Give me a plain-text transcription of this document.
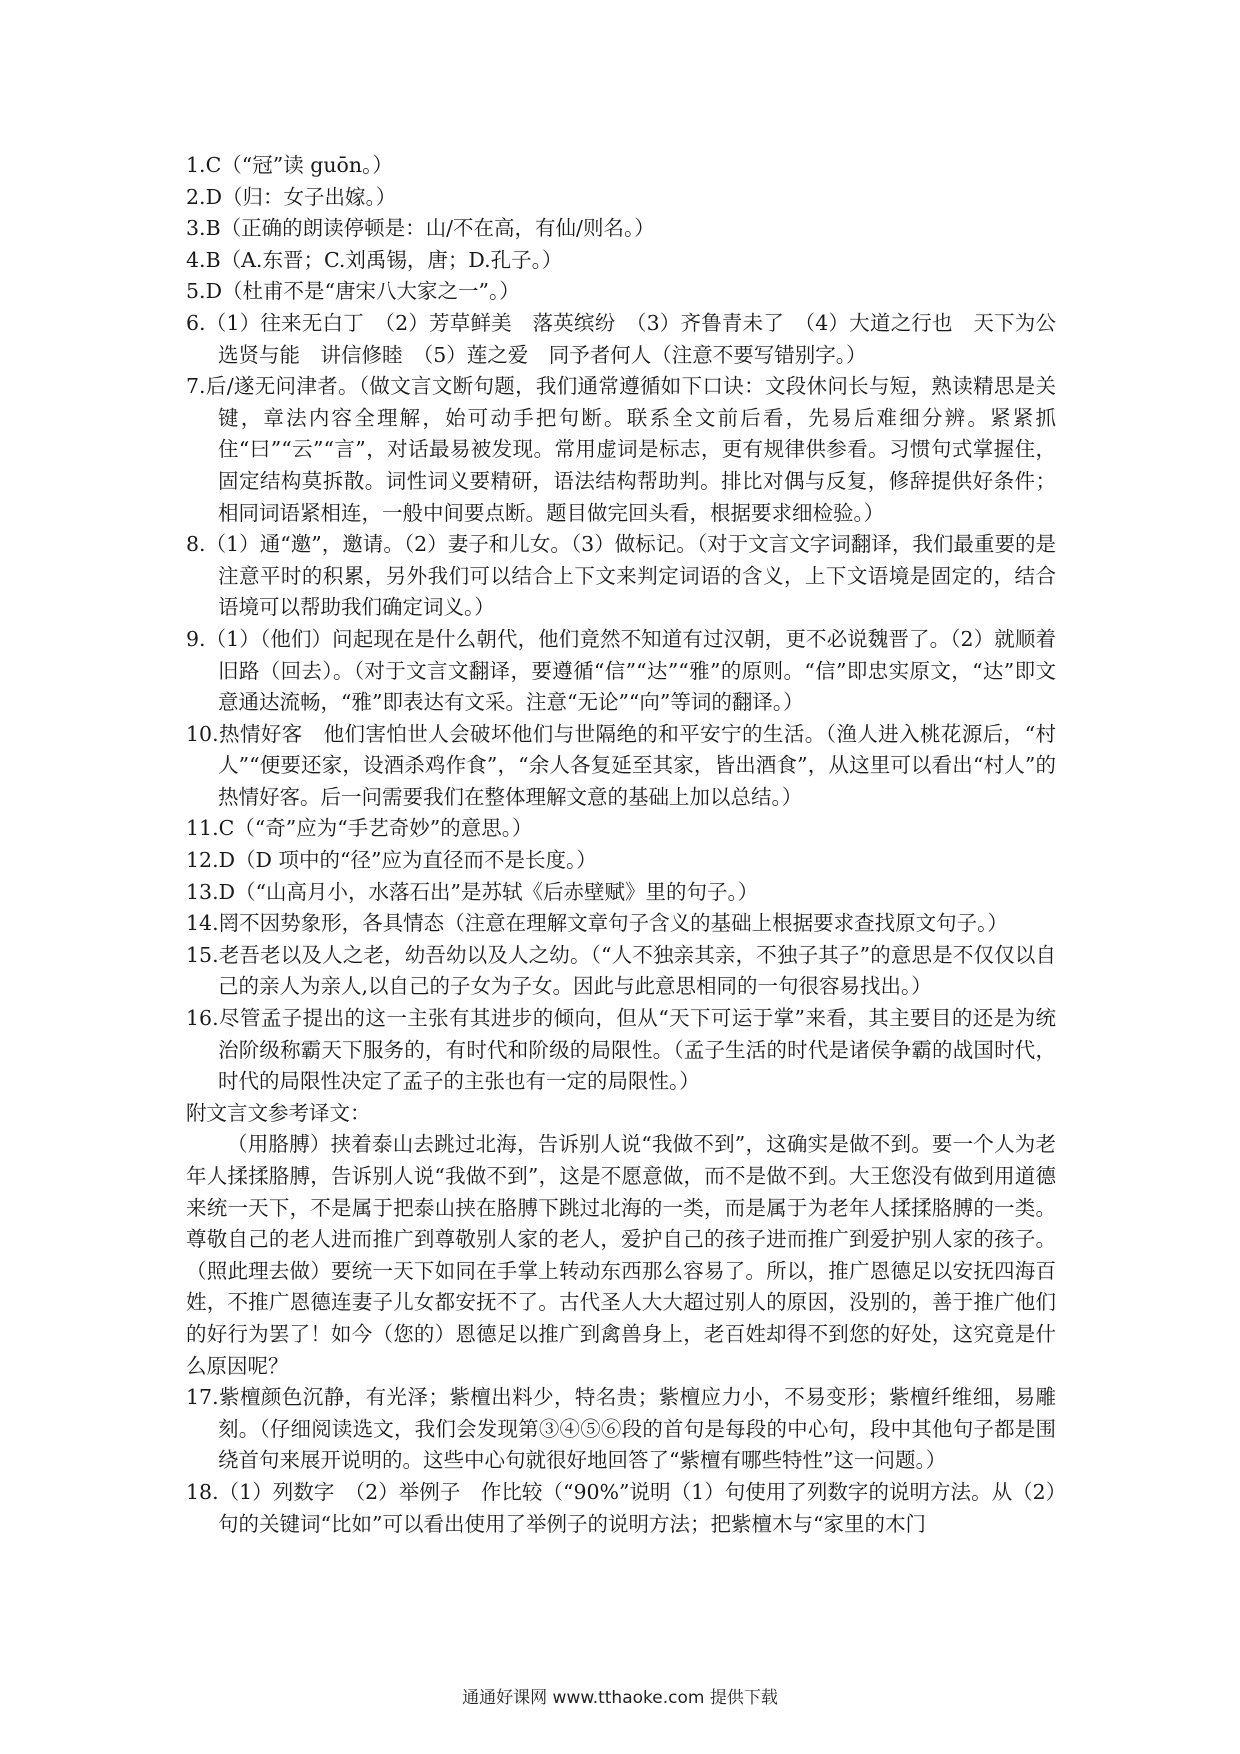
1.C（“冠”读 guōn。）

2.D（归：女子出嫁。）

3.B（正确的朗读停顿是：山/不在高，有仙/则名。）

4.B（A.东晋；C.刘禹锡，唐；D.孔子。）

5.D（杜甫不是“唐宋八大家之一”。）

6.（1）往来无白丁　（2）芳草鲜美　落英缤纷　（3）齐鲁青未了　（4）大道之行也　天下为公　选贤与能　讲信修睦　（5）莲之爱　同予者何人（注意不要写错别字。）

7.后/遂无问津者。（做文言文断句题，我们通常遵循如下口诀：文段休问长与短，熟读精思是关键，章法内容全理解，始可动手把句断。联系全文前后看，先易后难细分辨。紧紧抓住“曰”“云”“言”，对话最易被发现。常用虚词是标志，更有规律供参看。习惯句式掌握住，固定结构莫拆散。词性词义要精研，语法结构帮助判。排比对偶与反复，修辞提供好条件；相同词语紧相连，一般中间要点断。题目做完回头看，根据要求细检验。）

8.（1）通“邀”，邀请。（2）妻子和儿女。（3）做标记。（对于文言文字词翻译，我们最重要的是注意平时的积累，另外我们可以结合上下文来判定词语的含义，上下文语境是固定的，结合语境可以帮助我们确定词义。）

9.（1）（他们）问起现在是什么朝代，他们竟然不知道有过汉朝，更不必说魏晋了。（2）就顺着旧路（回去）。（对于文言文翻译，要遵循“信”“达”“雅”的原则。“信”即忠实原文，“达”即文意通达流畅，“雅”即表达有文采。注意“无论”“向”等词的翻译。）

10.热情好客　他们害怕世人会破坏他们与世隔绝的和平安宁的生活。（渔人进入桃花源后，“村人”“便要还家，设酒杀鸡作食”，“余人各复延至其家，皆出酒食”，从这里可以看出“村人”的热情好客。后一问需要我们在整体理解文意的基础上加以总结。）

11.C（“奇”应为“手艺奇妙”的意思。）

12.D（D 项中的“径”应为直径而不是长度。）

13.D（“山高月小，水落石出”是苏轼《后赤壁赋》里的句子。）

14.罔不因势象形，各具情态（注意在理解文章句子含义的基础上根据要求查找原文句子。）

15.老吾老以及人之老，幼吾幼以及人之幼。（“人不独亲其亲，不独子其子”的意思是不仅仅以自己的亲人为亲人,以自己的子女为子女。因此与此意思相同的一句很容易找出。）

16.尽管孟子提出的这一主张有其进步的倾向，但从“天下可运于掌”来看，其主要目的还是为统治阶级称霸天下服务的，有时代和阶级的局限性。（孟子生活的时代是诸侯争霸的战国时代，时代的局限性决定了孟子的主张也有一定的局限性。）

附文言文参考译文：

（用胳膊）挟着泰山去跳过北海，告诉别人说“我做不到”，这确实是做不到。要一个人为老年人揉揉胳膊，告诉别人说“我做不到”，这是不愿意做，而不是做不到。大王您没有做到用道德来统一天下，不是属于把泰山挟在胳膊下跳过北海的一类，而是属于为老年人揉揉胳膊的一类。尊敬自己的老人进而推广到尊敬别人家的老人，爱护自己的孩子进而推广到爱护别人家的孩子。（照此理去做）要统一天下如同在手掌上转动东西那么容易了。所以，推广恩德足以安抚四海百姓，不推广恩德连妻子儿女都安抚不了。古代圣人大大超过别人的原因，没别的，善于推广他们的好行为罢了！如今（您的）恩德足以推广到禽兽身上，老百姓却得不到您的好处，这究竟是什么原因呢？

17.紫檀颜色沉静，有光泽；紫檀出料少，特名贵；紫檀应力小，不易变形；紫檀纤维细，易雕刻。（仔细阅读选文，我们会发现第③④⑤⑥段的首句是每段的中心句，段中其他句子都是围绕首句来展开说明的。这些中心句就很好地回答了“紫檀有哪些特性”这一问题。）

18.（1）列数字　（2）举例子　作比较（“90%”说明（1）句使用了列数字的说明方法。从（2）句的关键词“比如”可以看出使用了举例子的说明方法；把紫檀木与“家里的木门

通通好课网 www.tthaoke.com 提供下载
